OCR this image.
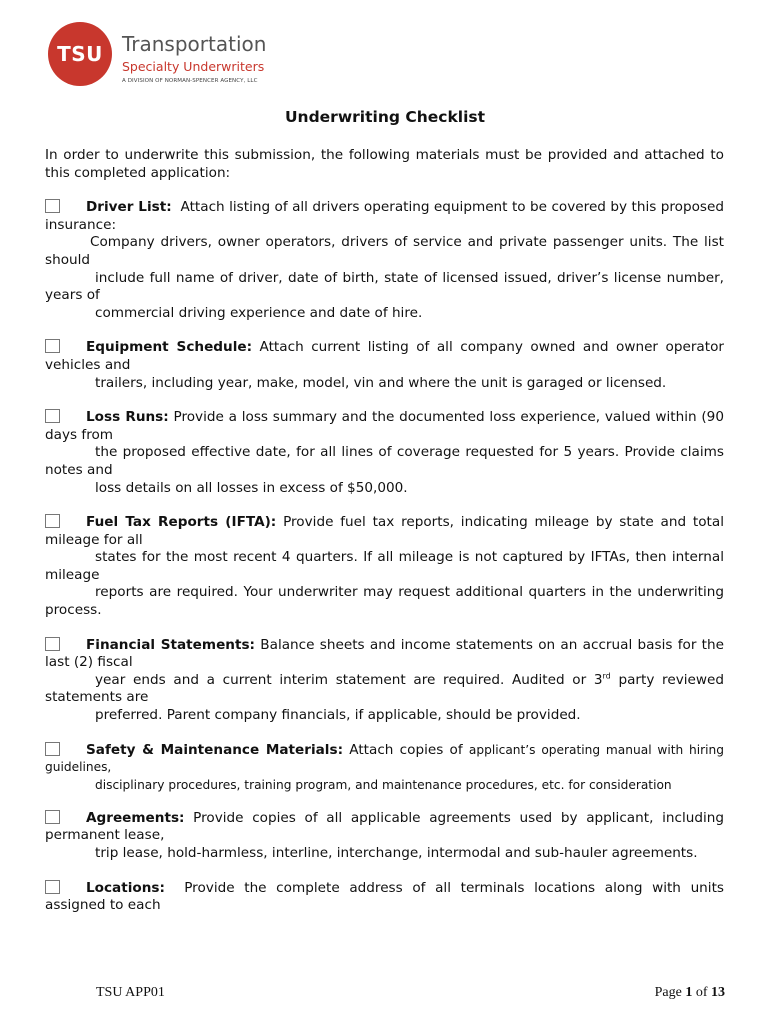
TSU Transportation
Specialty Underwriters
A DIVISION OF NORMAN-SPENCER AGENCY, LLC
Underwriting Checklist

In order to underwrite this submission, the following materials must be provided and attached to this completed application:

Driver List: Attach listing of all drivers operating equipment to be covered by this proposed insurance:

Company drivers, owner operators, drivers of service and private passenger units. The list should

include full name of driver, date of birth, state of licensed issued, driver’s license number, years of

commercial driving experience and date of hire.

Equipment Schedule: Attach current listing of all company owned and owner operator vehicles and

trailers, including year, make, model, vin and where the unit is garaged or licensed.

Loss Runs: Provide a loss summary and the documented loss experience, valued within (90 days from

the proposed effective date, for all lines of coverage requested for 5 years. Provide claims notes and

loss details on all losses in excess of $50,000.

Fuel Tax Reports (IFTA): Provide fuel tax reports, indicating mileage by state and total mileage for all

states for the most recent 4 quarters. If all mileage is not captured by IFTAs, then internal mileage

reports are required. Your underwriter may request additional quarters in the underwriting process.

Financial Statements: Balance sheets and income statements on an accrual basis for the last (2) fiscal

year ends and a current interim statement are required. Audited or 3rd party reviewed statements are

preferred. Parent company financials, if applicable, should be provided.

Safety & Maintenance Materials: Attach copies of applicant’s operating manual with hiring guidelines,

disciplinary procedures, training program, and maintenance procedures, etc. for consideration

Agreements: Provide copies of all applicable agreements used by applicant, including permanent lease,

trip lease, hold-harmless, interline, interchange, intermodal and sub-hauler agreements.

Locations: Provide the complete address of all terminals locations along with units assigned to each

TSU APP01	Page 1 of 13
